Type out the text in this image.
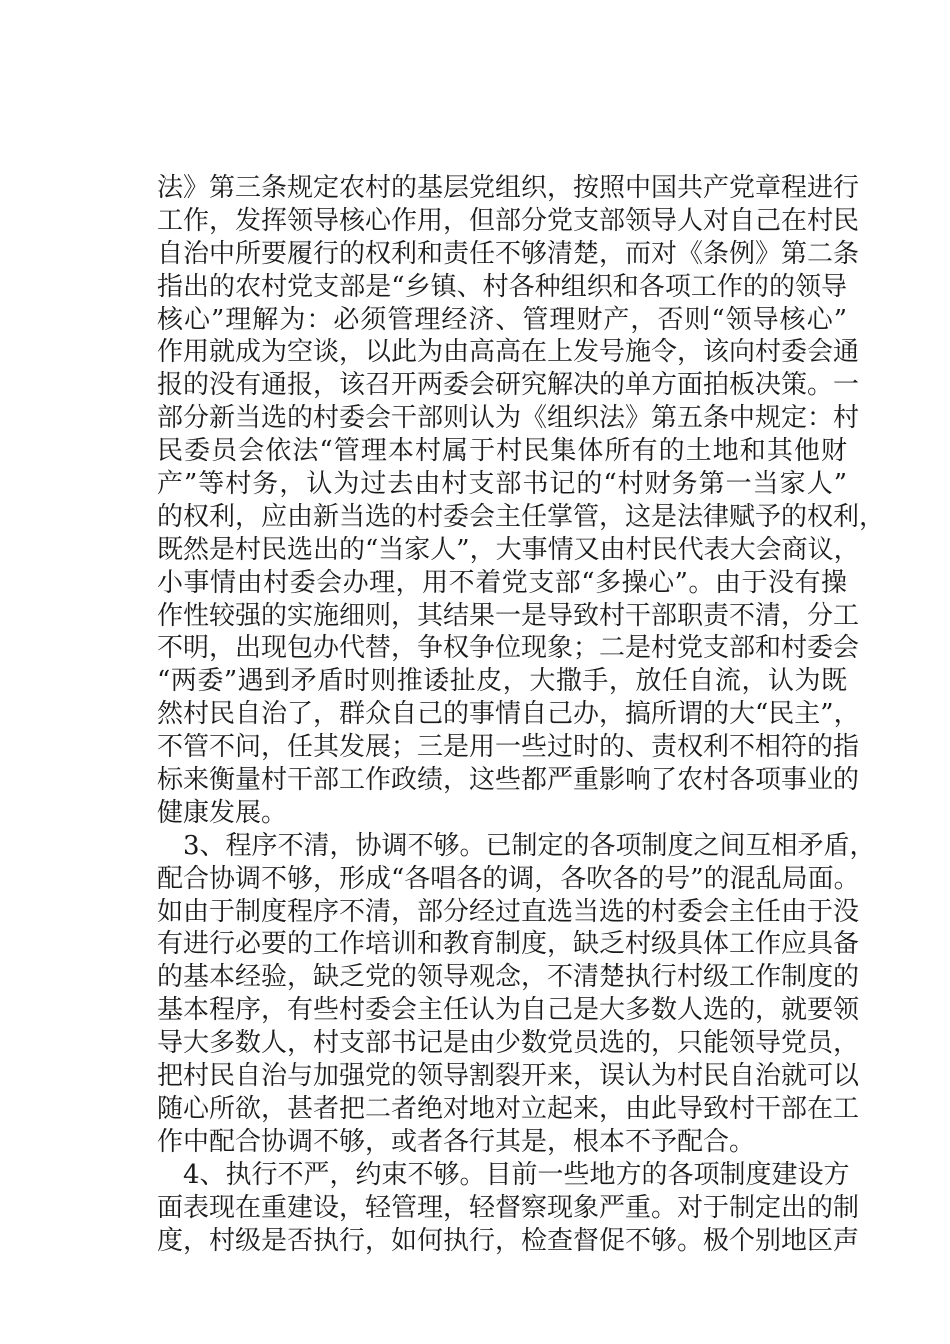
法》第三条规定农村的基层党组织，按照中国共产党章程进行
工作，发挥领导核心作用，但部分党支部领导人对自己在村民
自治中所要履行的权利和责任不够清楚，而对《条例》第二条
指出的农村党支部是“乡镇、村各种组织和各项工作的的领导
核心”理解为：必须管理经济、管理财产，否则“领导核心”
作用就成为空谈，以此为由高高在上发号施令，该向村委会通
报的没有通报，该召开两委会研究解决的单方面拍板决策。一
部分新当选的村委会干部则认为《组织法》第五条中规定：村
民委员会依法“管理本村属于村民集体所有的土地和其他财
产”等村务，认为过去由村支部书记的“村财务第一当家人”
的权利，应由新当选的村委会主任掌管，这是法律赋予的权利，
既然是村民选出的“当家人”，大事情又由村民代表大会商议，
小事情由村委会办理，用不着党支部“多操心”。由于没有操
作性较强的实施细则，其结果一是导致村干部职责不清，分工
不明，出现包办代替，争权争位现象；二是村党支部和村委会
“两委”遇到矛盾时则推诿扯皮，大撒手，放任自流，认为既
然村民自治了，群众自己的事情自己办，搞所谓的大“民主”，
不管不问，任其发展；三是用一些过时的、责权利不相符的指
标来衡量村干部工作政绩，这些都严重影响了农村各项事业的
健康发展。
3、程序不清，协调不够。已制定的各项制度之间互相矛盾，
配合协调不够，形成“各唱各的调，各吹各的号”的混乱局面。
如由于制度程序不清，部分经过直选当选的村委会主任由于没
有进行必要的工作培训和教育制度，缺乏村级具体工作应具备
的基本经验，缺乏党的领导观念，不清楚执行村级工作制度的
基本程序，有些村委会主任认为自己是大多数人选的，就要领
导大多数人，村支部书记是由少数党员选的，只能领导党员，
把村民自治与加强党的领导割裂开来，误认为村民自治就可以
随心所欲，甚者把二者绝对地对立起来，由此导致村干部在工
作中配合协调不够，或者各行其是，根本不予配合。
4、执行不严，约束不够。目前一些地方的各项制度建设方
面表现在重建设，轻管理，轻督察现象严重。对于制定出的制
度，村级是否执行，如何执行，检查督促不够。极个别地区声
